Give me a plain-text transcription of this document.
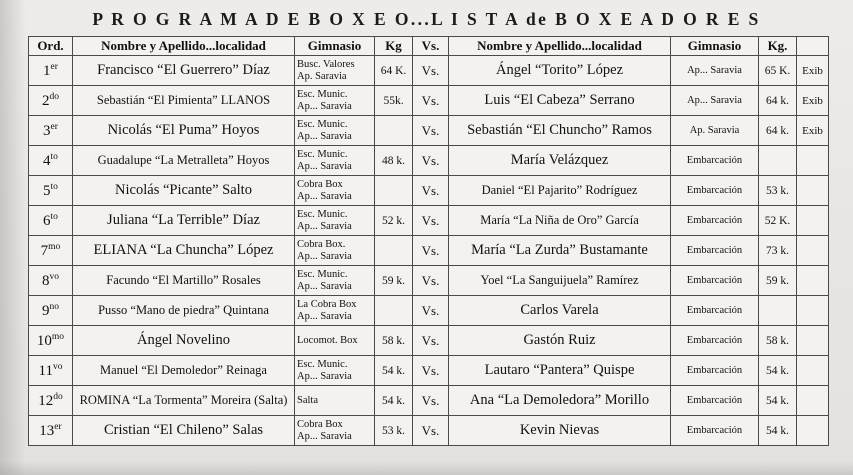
P R O G R A M A D E B O X E O...L I S T A de B O X E A D O R E S
Ord.	Nombre y Apellido...localidad	Gimnasio	Kg	Vs.	Nombre y Apellido...localidad	Gimnasio	Kg.	
1er	Francisco “El Guerrero” Díaz	Busc. Valores
Ap. Saravia	64 K.	Vs.	Ángel “Torito” López	Ap... Saravia	65 K.	Exib
$2^{do}$	Sebastián “El Pimienta” LLANOS	Esc. Munic.
Ap... Saravia	55k.	Vs.	Luis “El Cabeza” Serrano	Ap... Saravia	64 k.	Exib
3er	Nicolás “El Puma” Hoyos	Esc. Munic.
Ap... Saravia		Vs.	Sebastián “El Chuncho” Ramos	Ap. Saravia	64 k.	Exib
$4^{to}$	Guadalupe “La Metralleta” Hoyos	Esc. Munic.
Ap... Saravia	48 k.	Vs.	María Velázquez	Embarcación		
$5^{to}$	Nicolás “Picante” Salto	Cobra Box
Ap... Saravia		Vs.	Daniel “El Pajarito” Rodríguez	Embarcación	53 k.	
$6^{to}$	Juliana “La Terrible” Díaz	Esc. Munic.
Ap... Saravia	52 k.	Vs.	María “La Niña de Oro” García	Embarcación	52 K.	
$7^{mo}$	ELIANA “La Chuncha” López	Cobra Box.
Ap... Saravia		Vs.	María “La Zurda” Bustamante	Embarcación	73 k.	
$8^{vo}$	Facundo “El Martillo” Rosales	Esc. Munic.
Ap... Saravia	59 k.	Vs.	Yoel “La Sanguijuela” Ramírez	Embarcación	59 k.	
$9^{no}$	Pusso “Mano de piedra” Quintana	La Cobra Box
Ap... Saravia		Vs.	Carlos Varela	Embarcación		
$10^{mo}$	Ángel Novelino	Locomot. Box	58 k.	Vs.	Gastón Ruiz	Embarcación	58 k.	
$11^{vo}$	Manuel “El Demoledor” Reinaga	Esc. Munic.
Ap... Saravia	54 k.	Vs.	Lautaro “Pantera” Quispe	Embarcación	54 k.	
$12^{do}$	ROMINA “La Tormenta” Moreira (Salta)	Salta	54 k.	Vs.	Ana “La Demoledora” Morillo	Embarcación	54 k.	
13er	Cristian “El Chileno” Salas	Cobra Box
Ap... Saravia	53 k.	Vs.	Kevin Nievas	Embarcación	54 k.	
